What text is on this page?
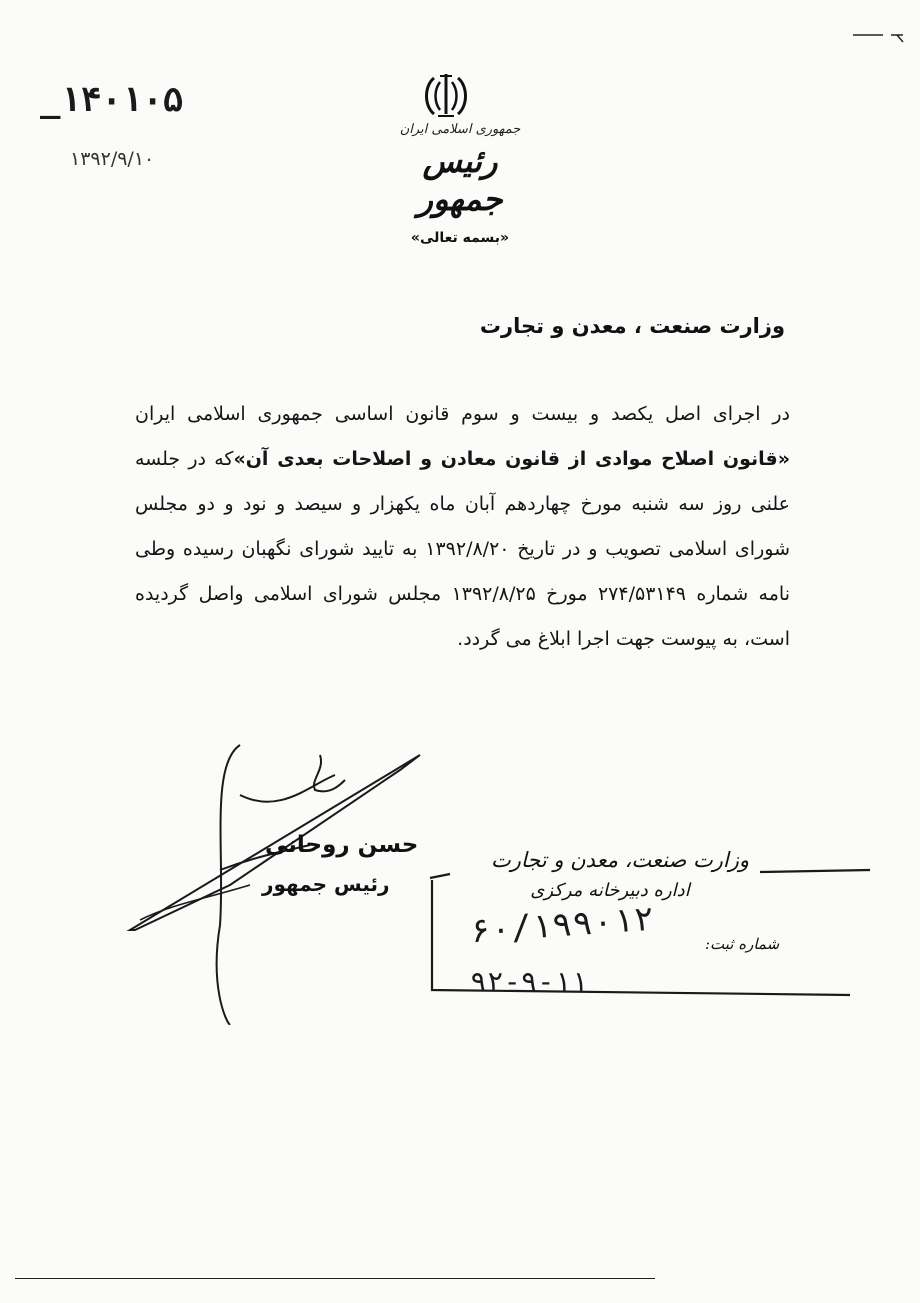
_۱۴۰۱۰۵
۱۳۹۲/۹/۱۰
جمهوری اسلامی ایران
رئیس جمهور
«بسمه تعالی»
وزارت صنعت ، معدن و تجارت
در اجرای اصل یکصد و بیست و سوم قانون اساسی جمهوری اسلامی ایران «قانون اصلاح موادی از قانون معادن و اصلاحات بعدی آن»که در جلسه علنی روز سه شنبه مورخ چهاردهم آبان ماه یکهزار و سیصد و نود و دو مجلس شورای اسلامی تصویب و در تاریخ ۱۳۹۲/۸/۲۰ به تایید شورای نگهبان رسیده وطی نامه شماره ۲۷۴/۵۳۱۴۹ مورخ ۱۳۹۲/۸/۲۵ مجلس شورای اسلامی واصل گردیده است، به پیوست جهت اجرا ابلاغ می گردد.
حسن روحانی
رئیس جمهور
وزارت صنعت، معدن و تجارت
اداره دبیرخانه مرکزی
شماره ثبت:
۶۰/۱۹۹۰۱۲
۹۲-۹-۱۱
